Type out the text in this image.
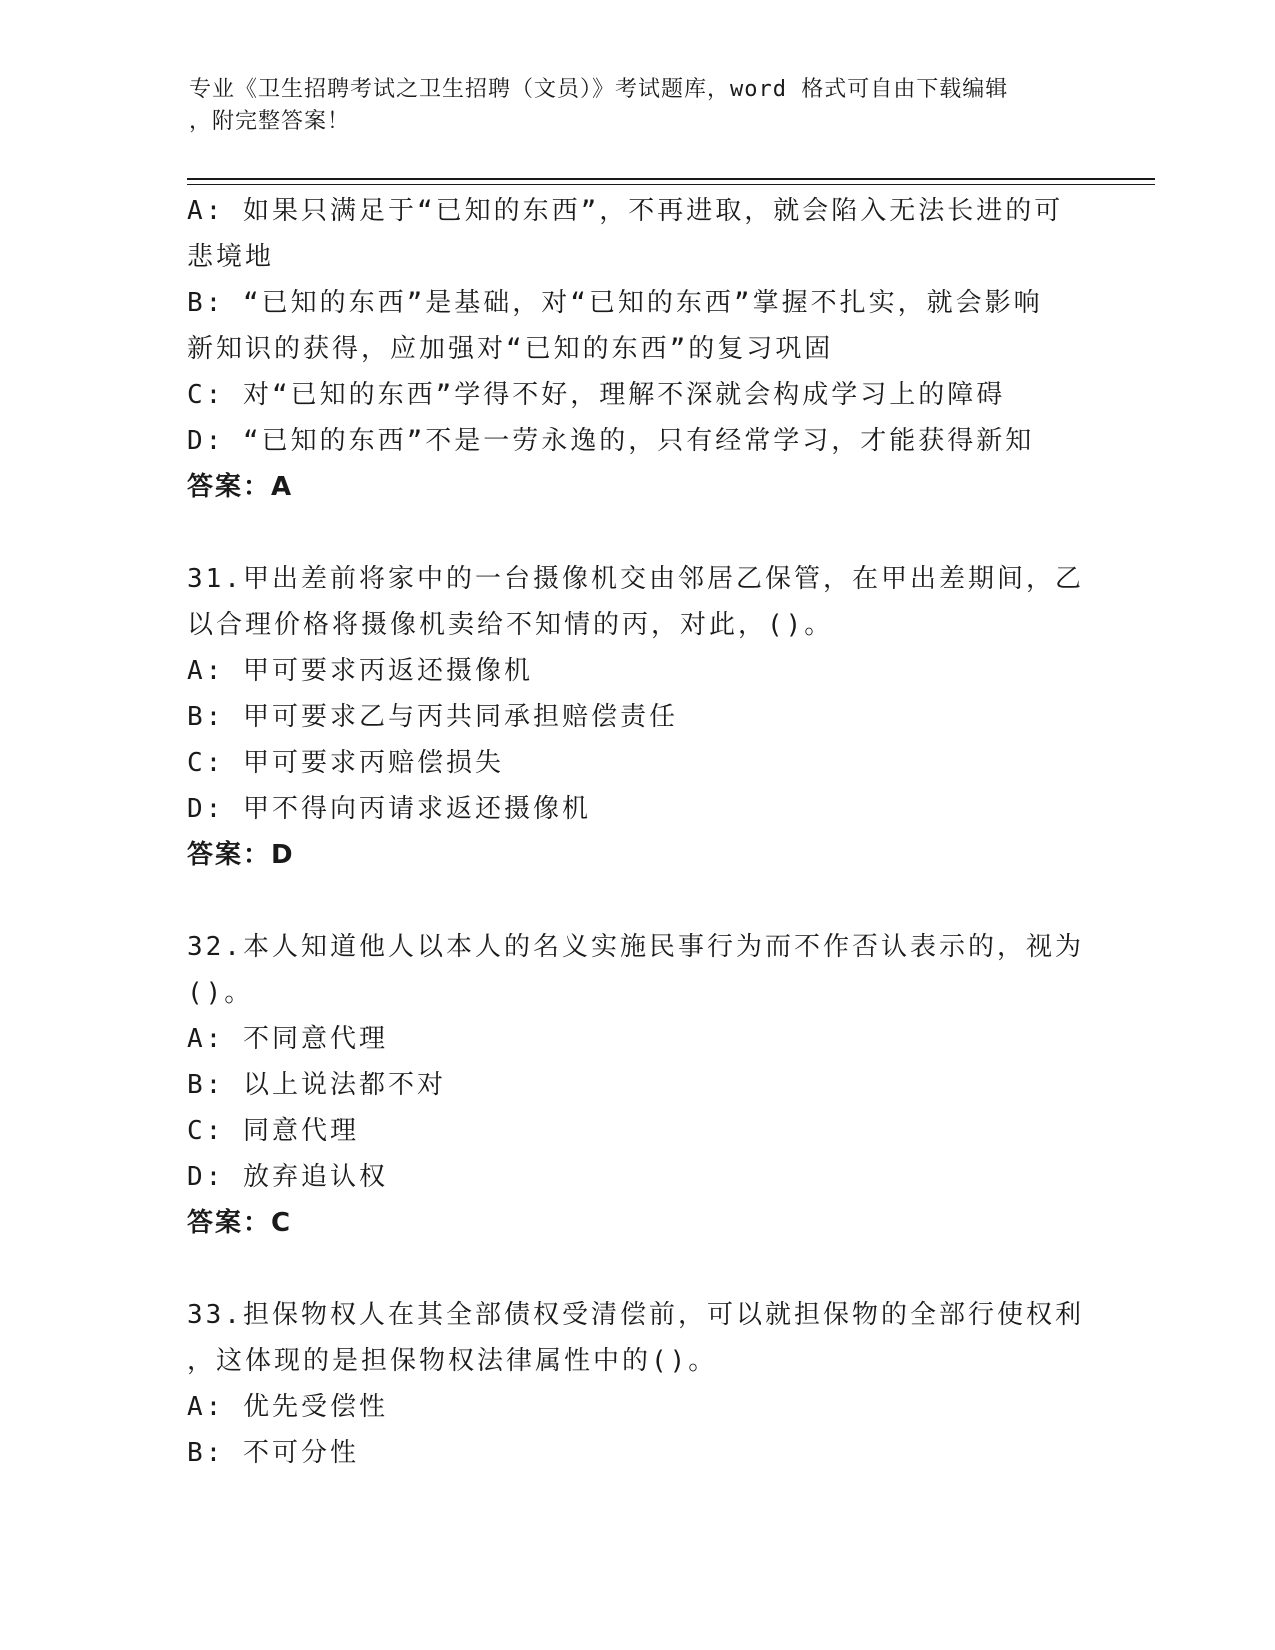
专业《卫生招聘考试之卫生招聘（文员）》考试题库，word 格式可自由下载编辑
，附完整答案！
A: 如果只满足于“已知的东西”，不再进取，就会陷入无法长进的可
悲境地
B: “已知的东西”是基础，对“已知的东西”掌握不扎实，就会影响
新知识的获得，应加强对“已知的东西”的复习巩固
C: 对“已知的东西”学得不好，理解不深就会构成学习上的障碍
D: “已知的东西”不是一劳永逸的，只有经常学习，才能获得新知
答案：A
31.甲出差前将家中的一台摄像机交由邻居乙保管，在甲出差期间，乙
以合理价格将摄像机卖给不知情的丙，对此，()。
A: 甲可要求丙返还摄像机
B: 甲可要求乙与丙共同承担赔偿责任
C: 甲可要求丙赔偿损失
D: 甲不得向丙请求返还摄像机
答案：D
32.本人知道他人以本人的名义实施民事行为而不作否认表示的，视为
()。
A: 不同意代理
B: 以上说法都不对
C: 同意代理
D: 放弃追认权
答案：C
33.担保物权人在其全部债权受清偿前，可以就担保物的全部行使权利
，这体现的是担保物权法律属性中的()。
A: 优先受偿性
B: 不可分性
